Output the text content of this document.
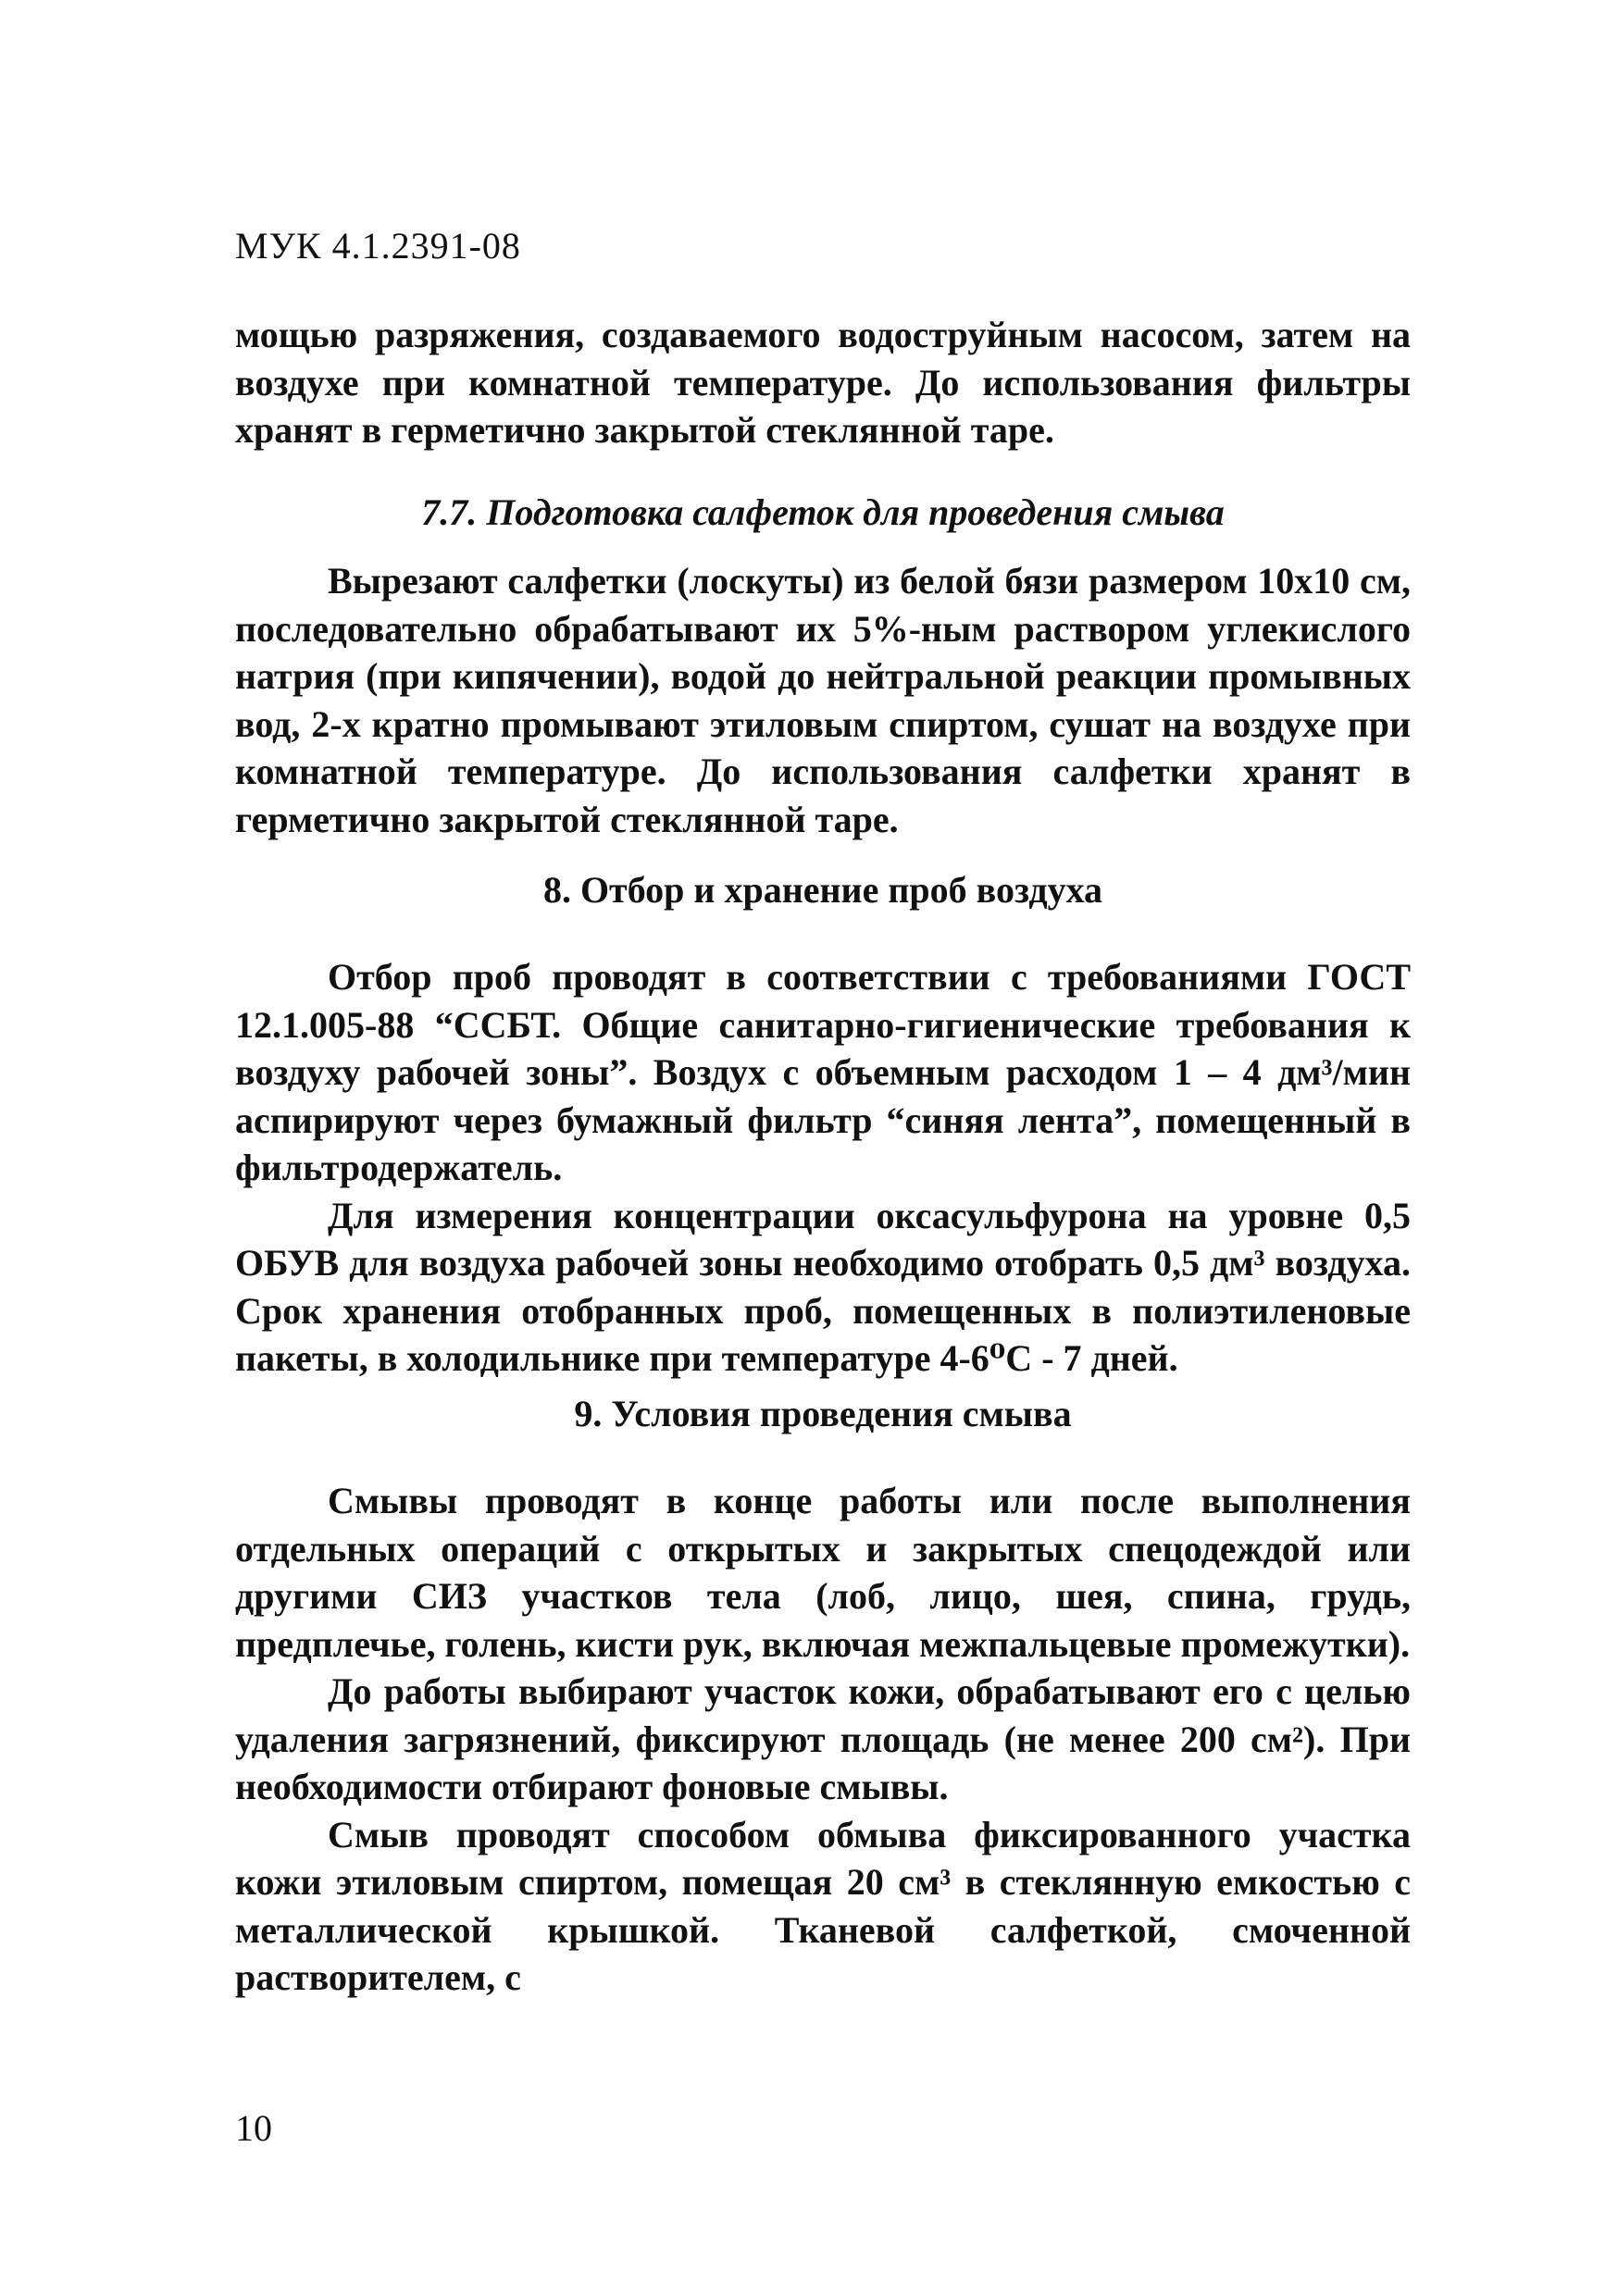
МУК 4.1.2391-08

мощью разряжения, создаваемого водоструйным насосом, затем на воздухе при комнатной температуре. До использования фильтры хранят в герметично закрытой стеклянной таре.

7.7. Подготовка салфеток для проведения смыва

Вырезают салфетки (лоскуты) из белой бязи размером 10x10 см, последовательно обрабатывают их 5%-ным раствором углекислого натрия (при кипячении), водой до нейтральной реакции промывных вод, 2-х кратно промывают этиловым спиртом, сушат на воздухе при комнатной температуре. До использования салфетки хранят в герметично закрытой стеклянной таре.

8. Отбор и хранение проб воздуха

Отбор проб проводят в соответствии с требованиями ГОСТ 12.1.005-88 “ССБТ. Общие санитарно-гигиенические требования к воздуху рабочей зоны”. Воздух с объемным расходом 1 – 4 дм³/мин аспирируют через бумажный фильтр “синяя лента”, помещенный в фильтродержатель.

Для измерения концентрации оксасульфурона на уровне 0,5 ОБУВ для воздуха рабочей зоны необходимо отобрать 0,5 дм³ воздуха. Срок хранения отобранных проб, помещенных в полиэтиленовые пакеты, в холодильнике при температуре 4-6⁰С - 7 дней.

9. Условия проведения смыва

Смывы проводят в конце работы или после выполнения отдельных операций с открытых и закрытых спецодеждой или другими СИЗ участков тела (лоб, лицо, шея, спина, грудь, предплечье, голень, кисти рук, включая межпальцевые промежутки).

До работы выбирают участок кожи, обрабатывают его с целью удаления загрязнений, фиксируют площадь (не менее 200 см²). При необходимости отбирают фоновые смывы.

Смыв проводят способом обмыва фиксированного участка кожи этиловым спиртом, помещая 20 см³ в стеклянную емкостью с металлической крышкой. Тканевой салфеткой, смоченной растворителем, с

10
